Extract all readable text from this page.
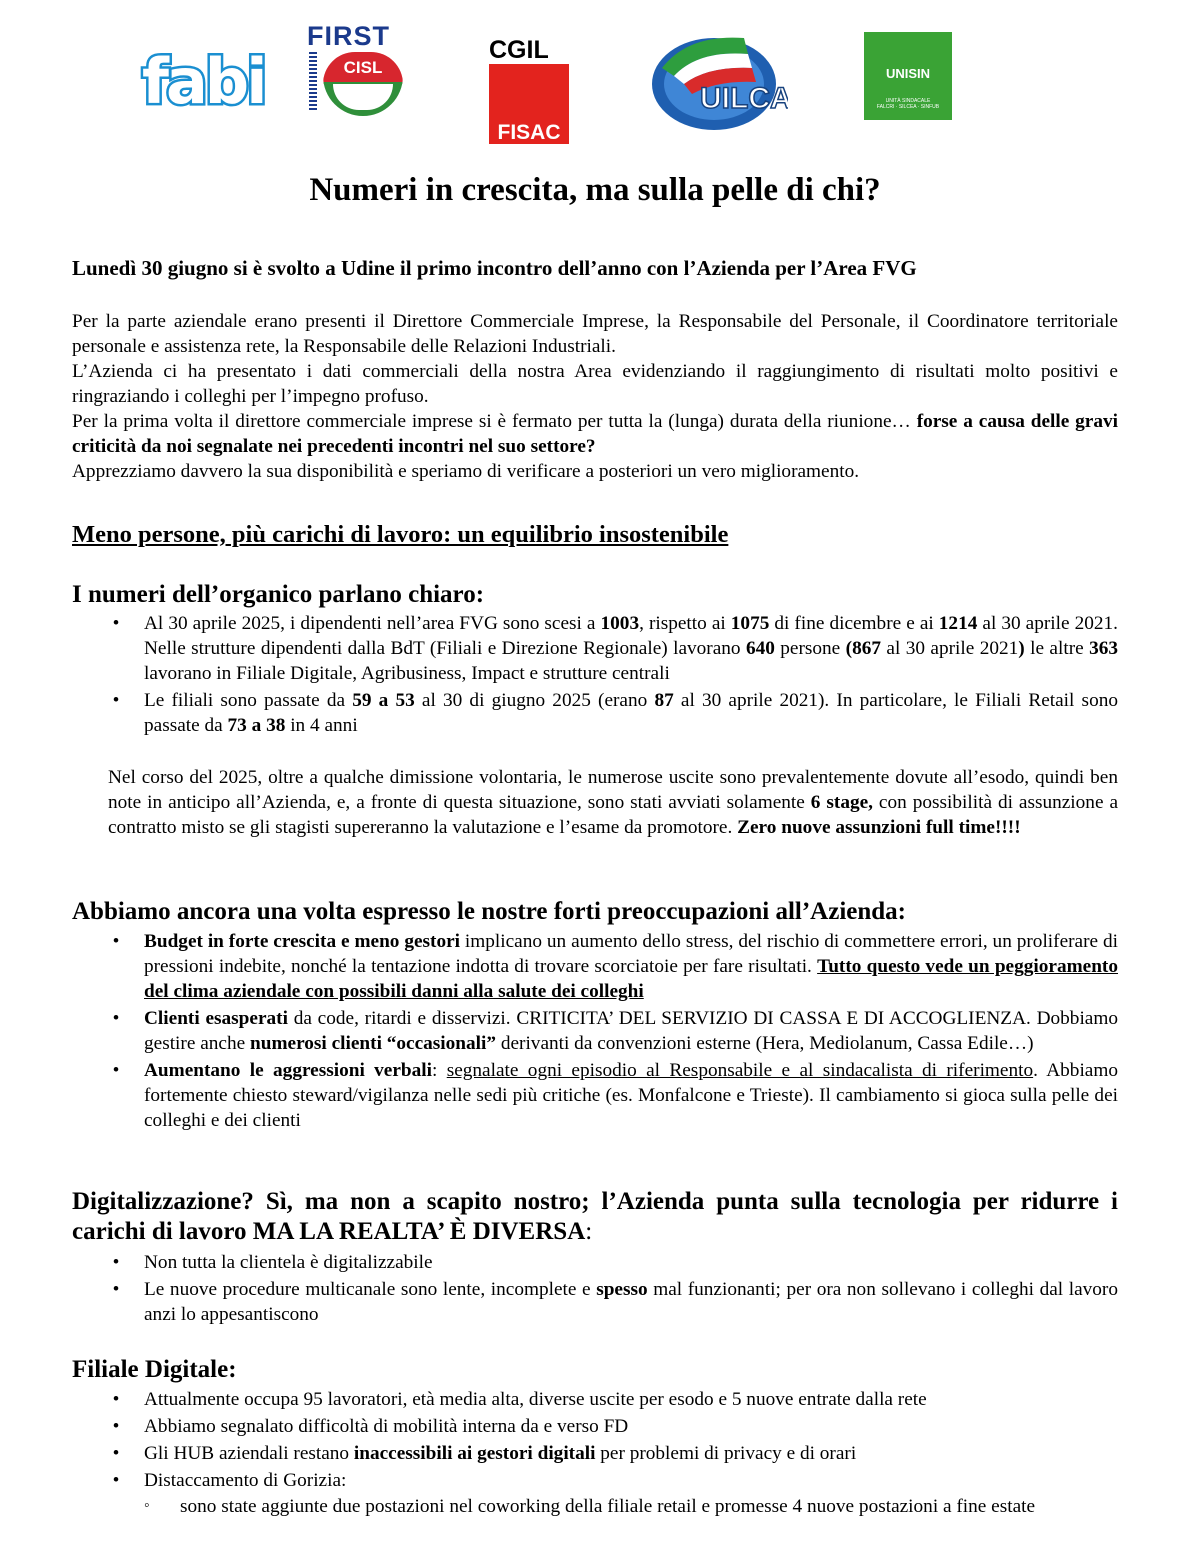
fabi
FIRST
CISL
CGIL
FISAC
UILCA
UNISIN
UNITÀ SINDACALE
FALCRI · SILCEA · SINFUB
Numeri in crescita, ma sulla pelle di chi?

Lunedì 30 giugno si è svolto a Udine il primo incontro dell’anno con l’Azienda per l’Area FVG

Per la parte aziendale erano presenti il Direttore Commerciale Imprese, la Responsabile del Personale, il Coordinatore territoriale personale e assistenza rete, la Responsabile delle Relazioni Industriali.

L’Azienda ci ha presentato i dati commerciali della nostra Area evidenziando il raggiungimento di risultati molto positivi e ringraziando i colleghi per l’impegno profuso.

Per la prima volta il direttore commerciale imprese si è fermato per tutta la (lunga) durata della riunione… forse a causa delle gravi criticità da noi segnalate nei precedenti incontri nel suo settore?

Apprezziamo davvero la sua disponibilità e speriamo di verificare a posteriori un vero miglioramento.

Meno persone, più carichi di lavoro: un equilibrio insostenibile
I numeri dell’organico parlano chiaro:
• Al 30 aprile 2025, i dipendenti nell’area FVG sono scesi a 1003, rispetto ai 1075 di fine dicembre e ai 1214 al 30 aprile 2021. Nelle strutture dipendenti dalla BdT (Filiali e Direzione Regionale) lavorano 640 persone (867 al 30 aprile 2021) le altre 363 lavorano in Filiale Digitale, Agribusiness, Impact e strutture centrali
• Le filiali sono passate da 59 a 53 al 30 di giugno 2025 (erano 87 al 30 aprile 2021). In particolare, le Filiali Retail sono passate da 73 a 38 in 4 anni

Nel corso del 2025, oltre a qualche dimissione volontaria, le numerose uscite sono prevalentemente dovute all’esodo, quindi ben note in anticipo all’Azienda, e, a fronte di questa situazione, sono stati avviati solamente 6 stage, con possibilità di assunzione a contratto misto se gli stagisti supereranno la valutazione e l’esame da promotore. Zero nuove assunzioni full time!!!!

Abbiamo ancora una volta espresso le nostre forti preoccupazioni all’Azienda:
• Budget in forte crescita e meno gestori implicano un aumento dello stress, del rischio di commettere errori, un proliferare di pressioni indebite, nonché la tentazione indotta di trovare scorciatoie per fare risultati. Tutto questo vede un peggioramento del clima aziendale con possibili danni alla salute dei colleghi
• Clienti esasperati da code, ritardi e disservizi. CRITICITA’ DEL SERVIZIO DI CASSA E DI ACCOGLIENZA. Dobbiamo gestire anche numerosi clienti “occasionali” derivanti da convenzioni esterne (Hera, Mediolanum, Cassa Edile…)
• Aumentano le aggressioni verbali: segnalate ogni episodio al Responsabile e al sindacalista di riferimento. Abbiamo fortemente chiesto steward/vigilanza nelle sedi più critiche (es. Monfalcone e Trieste). Il cambiamento si gioca sulla pelle dei colleghi e dei clienti
Digitalizzazione? Sì, ma non a scapito nostro; l’Azienda punta sulla tecnologia per ridurre i carichi di lavoro MA LA REALTA’ È DIVERSA:
• Non tutta la clientela è digitalizzabile
• Le nuove procedure multicanale sono lente, incomplete e spesso mal funzionanti; per ora non sollevano i colleghi dal lavoro anzi lo appesantiscono
Filiale Digitale:
• Attualmente occupa 95 lavoratori, età media alta, diverse uscite per esodo e 5 nuove entrate dalla rete
• Abbiamo segnalato difficoltà di mobilità interna da e verso FD
• Gli HUB aziendali restano inaccessibili ai gestori digitali per problemi di privacy e di orari
• Distaccamento di Gorizia:
◦ sono state aggiunte due postazioni nel coworking della filiale retail e promesse 4 nuove postazioni a fine estate
